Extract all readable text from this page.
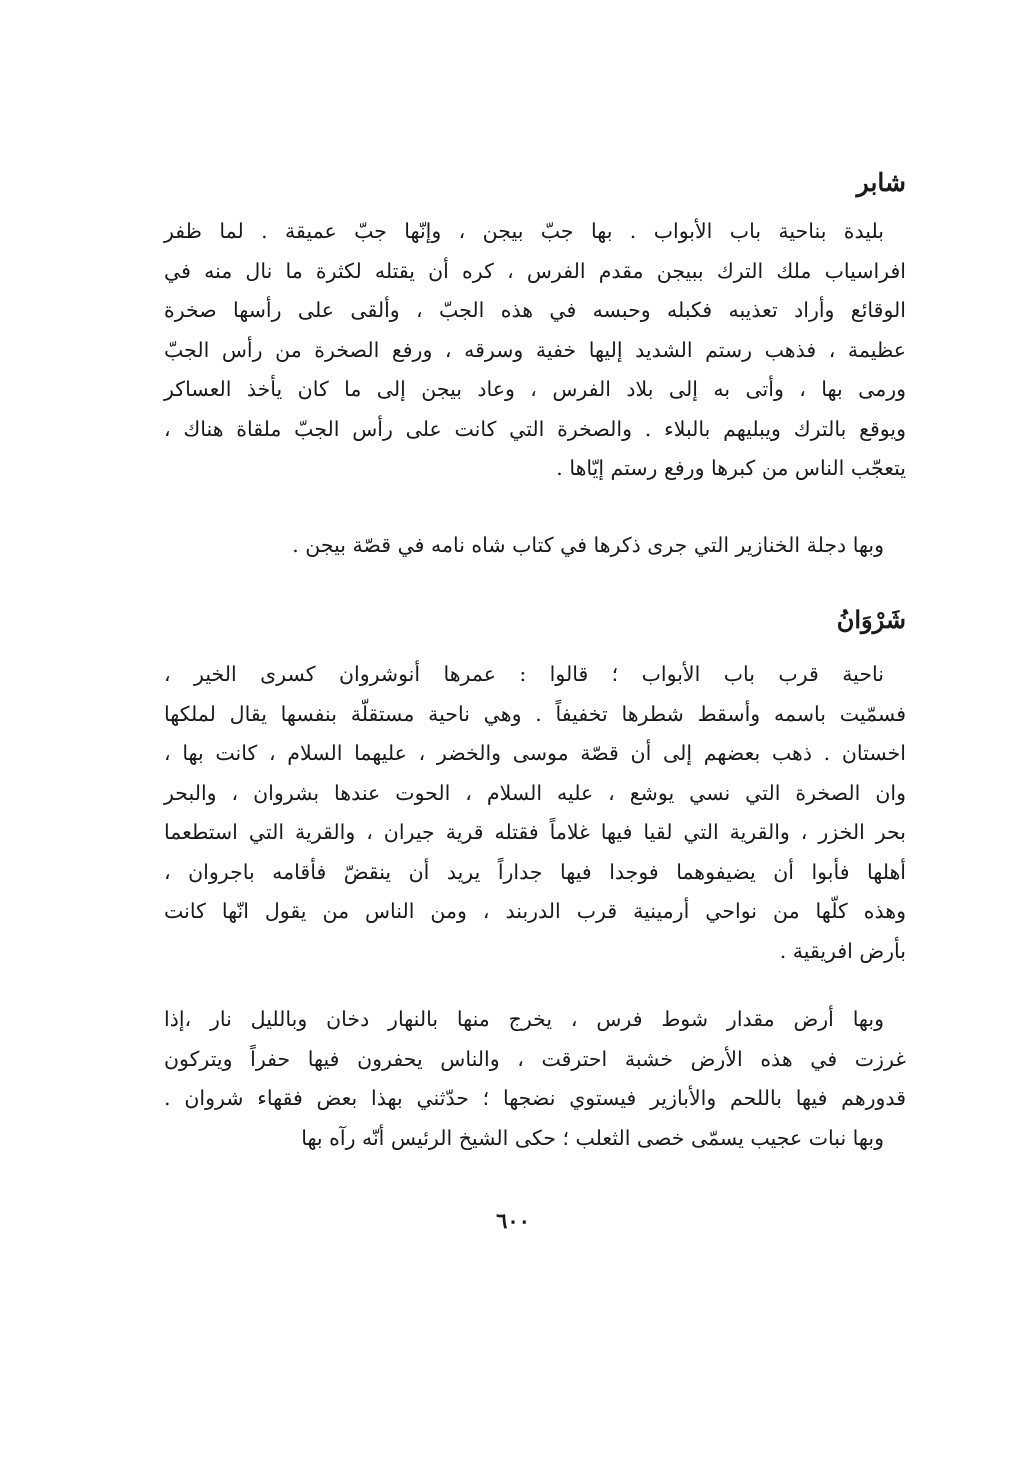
شابر

بليدة بناحية باب الأبواب . بها جبّ بيجن ، وإنّها جبّ عميقة . لما ظفر
افراسياب ملك الترك ببيجن مقدم الفرس ، كره أن يقتله لكثرة ما نال منه في
الوقائع وأراد تعذيبه فكبله وحبسه في هذه الجبّ ، وألقى على رأسها صخرة
عظيمة ، فذهب رستم الشديد إليها خفية وسرقه ، ورفع الصخرة من رأس الجبّ
ورمى بها ، وأتى به إلى بلاد الفرس ، وعاد بيجن إلى ما كان يأخذ العساكر
ويوقع بالترك ويبليهم بالبلاء . والصخرة التي كانت على رأس الجبّ ملقاة هناك ،
يتعجّب الناس من كبرها ورفع رستم إيّاها .

وبها دجلة الخنازير التي جرى ذكرها في كتاب شاه نامه في قصّة بيجن .

شَرْوَانُ

ناحية قرب باب الأبواب ؛ قالوا : عمرها أنوشروان كسرى الخير ،
فسمّيت باسمه وأسقط شطرها تخفيفاً . وهي ناحية مستقلّة بنفسها يقال لملكها
اخستان . ذهب بعضهم إلى أن قصّة موسى والخضر ، عليهما السلام ، كانت بها ،
وان الصخرة التي نسي يوشع ، عليه السلام ، الحوت عندها بشروان ، والبحر
بحر الخزر ، والقرية التي لقيا فيها غلاماً فقتله قرية جيران ، والقرية التي استطعما
أهلها فأبوا أن يضيفوهما فوجدا فيها جداراً يريد أن ينقضّ فأقامه باجروان ،
وهذه كلّها من نواحي أرمينية قرب الدربند ، ومن الناس من يقول انّها كانت
بأرض افريقية .

وبها أرض مقدار شوط فرس ، يخرج منها بالنهار دخان وبالليل نار ،إذا
غرزت في هذه الأرض خشبة احترقت ، والناس يحفرون فيها حفراً ويتركون
قدورهم فيها باللحم والأبازير فيستوي نضجها ؛ حدّثني بهذا بعض فقهاء شروان .
وبها نبات عجيب يسمّى خصى الثعلب ؛ حكى الشيخ الرئيس أنّه رآه بها

٦٠٠
